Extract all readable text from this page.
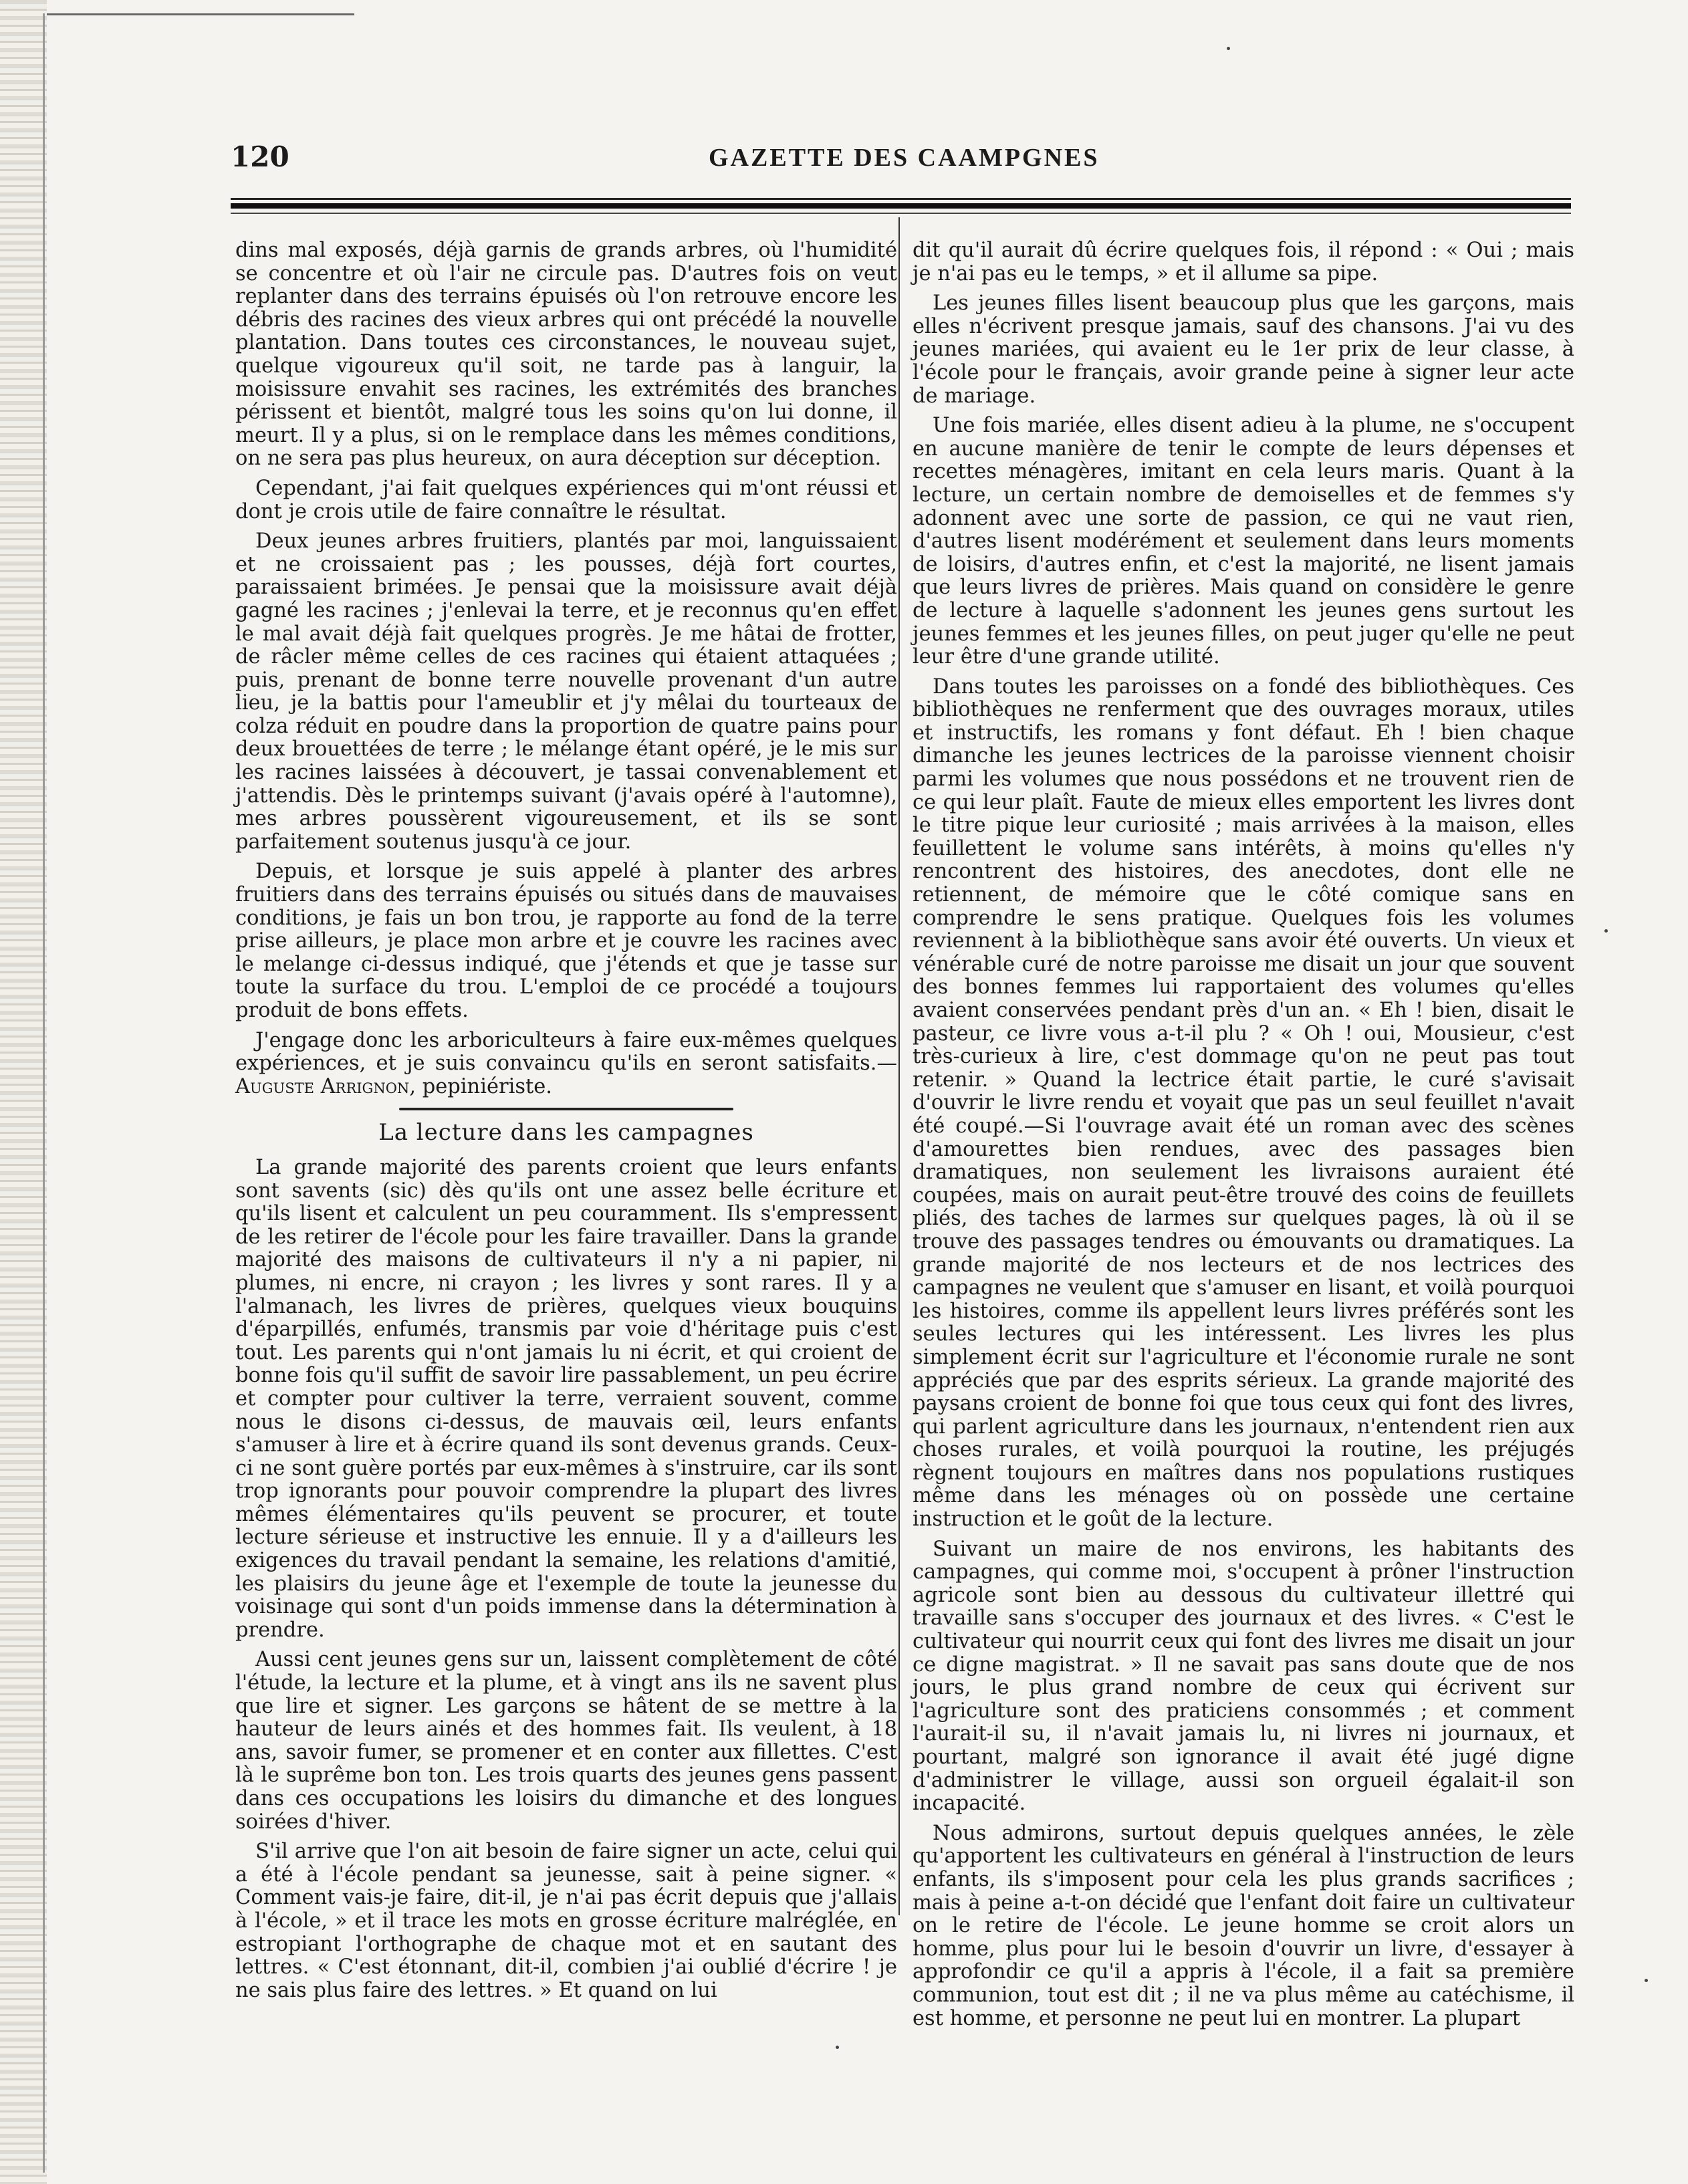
120	GAZETTE DES CAAMPGNES

dins mal exposés, déjà garnis de grands arbres, où l'humidité se concentre et où l'air ne circule pas. D'autres fois on veut replanter dans des terrains épuisés où l'on retrouve encore les débris des racines des vieux arbres qui ont précédé la nouvelle plantation. Dans toutes ces circonstances, le nouveau sujet, quelque vigoureux qu'il soit, ne tarde pas à languir, la moisissure envahit ses racines, les extrémités des branches périssent et bientôt, malgré tous les soins qu'on lui donne, il meurt. Il y a plus, si on le remplace dans les mêmes conditions, on ne sera pas plus heureux, on aura déception sur déception.

Cependant, j'ai fait quelques expériences qui m'ont réussi et dont je crois utile de faire connaître le résultat.

Deux jeunes arbres fruitiers, plantés par moi, languissaient et ne croissaient pas ; les pousses, déjà fort courtes, paraissaient brimées. Je pensai que la moisissure avait déjà gagné les racines ; j'enlevai la terre, et je reconnus qu'en effet le mal avait déjà fait quelques progrès. Je me hâtai de frotter, de râcler même celles de ces racines qui étaient attaquées ; puis, prenant de bonne terre nouvelle provenant d'un autre lieu, je la battis pour l'ameublir et j'y mêlai du tourteaux de colza réduit en poudre dans la proportion de quatre pains pour deux brouettées de terre ; le mélange étant opéré, je le mis sur les racines laissées à découvert, je tassai convenablement et j'attendis. Dès le printemps suivant (j'avais opéré à l'automne), mes arbres poussèrent vigoureusement, et ils se sont parfaitement soutenus jusqu'à ce jour.

Depuis, et lorsque je suis appelé à planter des arbres fruitiers dans des terrains épuisés ou situés dans de mauvaises conditions, je fais un bon trou, je rapporte au fond de la terre prise ailleurs, je place mon arbre et je couvre les racines avec le melange ci-dessus indiqué, que j'étends et que je tasse sur toute la surface du trou. L'emploi de ce procédé a toujours produit de bons effets.

J'engage donc les arboriculteurs à faire eux-mêmes quelques expériences, et je suis convaincu qu'ils en seront satisfaits.—Auguste Arrignon, pepiniériste.

La lecture dans les campagnes

La grande majorité des parents croient que leurs enfants sont savents (sic) dès qu'ils ont une assez belle écriture et qu'ils lisent et calculent un peu couramment. Ils s'empressent de les retirer de l'école pour les faire travailler. Dans la grande majorité des maisons de cultivateurs il n'y a ni papier, ni plumes, ni encre, ni crayon ; les livres y sont rares. Il y a l'almanach, les livres de prières, quelques vieux bouquins d'éparpillés, enfumés, transmis par voie d'héritage puis c'est tout. Les parents qui n'ont jamais lu ni écrit, et qui croient de bonne fois qu'il suffit de savoir lire passablement, un peu écrire et compter pour cultiver la terre, verraient souvent, comme nous le disons ci-dessus, de mauvais œil, leurs enfants s'amuser à lire et à écrire quand ils sont devenus grands. Ceux-ci ne sont guère portés par eux-mêmes à s'instruire, car ils sont trop ignorants pour pouvoir comprendre la plupart des livres mêmes élémentaires qu'ils peuvent se procurer, et toute lecture sérieuse et instructive les ennuie. Il y a d'ailleurs les exigences du travail pendant la semaine, les relations d'amitié, les plaisirs du jeune âge et l'exemple de toute la jeunesse du voisinage qui sont d'un poids immense dans la détermination à prendre.

Aussi cent jeunes gens sur un, laissent complètement de côté l'étude, la lecture et la plume, et à vingt ans ils ne savent plus que lire et signer. Les garçons se hâtent de se mettre à la hauteur de leurs ainés et des hommes fait. Ils veulent, à 18 ans, savoir fumer, se promener et en conter aux fillettes. C'est là le suprême bon ton. Les trois quarts des jeunes gens passent dans ces occupations les loisirs du dimanche et des longues soirées d'hiver.

S'il arrive que l'on ait besoin de faire signer un acte, celui qui a été à l'école pendant sa jeunesse, sait à peine signer. « Comment vais-je faire, dit-il, je n'ai pas écrit depuis que j'allais à l'école, » et il trace les mots en grosse écriture malréglée, en estropiant l'orthographe de chaque mot et en sautant des lettres. « C'est étonnant, dit-il, combien j'ai oublié d'écrire ! je ne sais plus faire des lettres. » Et quand on lui

dit qu'il aurait dû écrire quelques fois, il répond : « Oui ; mais je n'ai pas eu le temps, » et il allume sa pipe.

Les jeunes filles lisent beaucoup plus que les garçons, mais elles n'écrivent presque jamais, sauf des chansons. J'ai vu des jeunes mariées, qui avaient eu le 1er prix de leur classe, à l'école pour le français, avoir grande peine à signer leur acte de mariage.

Une fois mariée, elles disent adieu à la plume, ne s'occupent en aucune manière de tenir le compte de leurs dépenses et recettes ménagères, imitant en cela leurs maris. Quant à la lecture, un certain nombre de demoiselles et de femmes s'y adonnent avec une sorte de passion, ce qui ne vaut rien, d'autres lisent modérément et seulement dans leurs moments de loisirs, d'autres enfin, et c'est la majorité, ne lisent jamais que leurs livres de prières. Mais quand on considère le genre de lecture à laquelle s'adonnent les jeunes gens surtout les jeunes femmes et les jeunes filles, on peut juger qu'elle ne peut leur être d'une grande utilité.

Dans toutes les paroisses on a fondé des bibliothèques. Ces bibliothèques ne renferment que des ouvrages moraux, utiles et instructifs, les romans y font défaut. Eh ! bien chaque dimanche les jeunes lectrices de la paroisse viennent choisir parmi les volumes que nous possédons et ne trouvent rien de ce qui leur plaît. Faute de mieux elles emportent les livres dont le titre pique leur curiosité ; mais arrivées à la maison, elles feuillettent le volume sans intérêts, à moins qu'elles n'y rencontrent des histoires, des anecdotes, dont elle ne retiennent, de mémoire que le côté comique sans en comprendre le sens pratique. Quelques fois les volumes reviennent à la bibliothèque sans avoir été ouverts. Un vieux et vénérable curé de notre paroisse me disait un jour que souvent des bonnes femmes lui rapportaient des volumes qu'elles avaient conservées pendant près d'un an. « Eh ! bien, disait le pasteur, ce livre vous a-t-il plu ? « Oh ! oui, Mousieur, c'est très-curieux à lire, c'est dommage qu'on ne peut pas tout retenir. » Quand la lectrice était partie, le curé s'avisait d'ouvrir le livre rendu et voyait que pas un seul feuillet n'avait été coupé.—Si l'ouvrage avait été un roman avec des scènes d'amourettes bien rendues, avec des passages bien dramatiques, non seulement les livraisons auraient été coupées, mais on aurait peut-être trouvé des coins de feuillets pliés, des taches de larmes sur quelques pages, là où il se trouve des passages tendres ou émouvants ou dramatiques. La grande majorité de nos lecteurs et de nos lectrices des campagnes ne veulent que s'amuser en lisant, et voilà pourquoi les histoires, comme ils appellent leurs livres préférés sont les seules lectures qui les intéressent. Les livres les plus simplement écrit sur l'agriculture et l'économie rurale ne sont appréciés que par des esprits sérieux. La grande majorité des paysans croient de bonne foi que tous ceux qui font des livres, qui parlent agriculture dans les journaux, n'entendent rien aux choses rurales, et voilà pourquoi la routine, les préjugés règnent toujours en maîtres dans nos populations rustiques même dans les ménages où on possède une certaine instruction et le goût de la lecture.

Suivant un maire de nos environs, les habitants des campagnes, qui comme moi, s'occupent à prôner l'instruction agricole sont bien au dessous du cultivateur illettré qui travaille sans s'occuper des journaux et des livres. « C'est le cultivateur qui nourrit ceux qui font des livres me disait un jour ce digne magistrat. » Il ne savait pas sans doute que de nos jours, le plus grand nombre de ceux qui écrivent sur l'agriculture sont des praticiens consommés ; et comment l'aurait-il su, il n'avait jamais lu, ni livres ni journaux, et pourtant, malgré son ignorance il avait été jugé digne d'administrer le village, aussi son orgueil égalait-il son incapacité.

Nous admirons, surtout depuis quelques années, le zèle qu'apportent les cultivateurs en général à l'instruction de leurs enfants, ils s'imposent pour cela les plus grands sacrifices ; mais à peine a-t-on décidé que l'enfant doit faire un cultivateur on le retire de l'école. Le jeune homme se croit alors un homme, plus pour lui le besoin d'ouvrir un livre, d'essayer à approfondir ce qu'il a appris à l'école, il a fait sa première communion, tout est dit ; il ne va plus même au catéchisme, il est homme, et personne ne peut lui en montrer. La plupart
